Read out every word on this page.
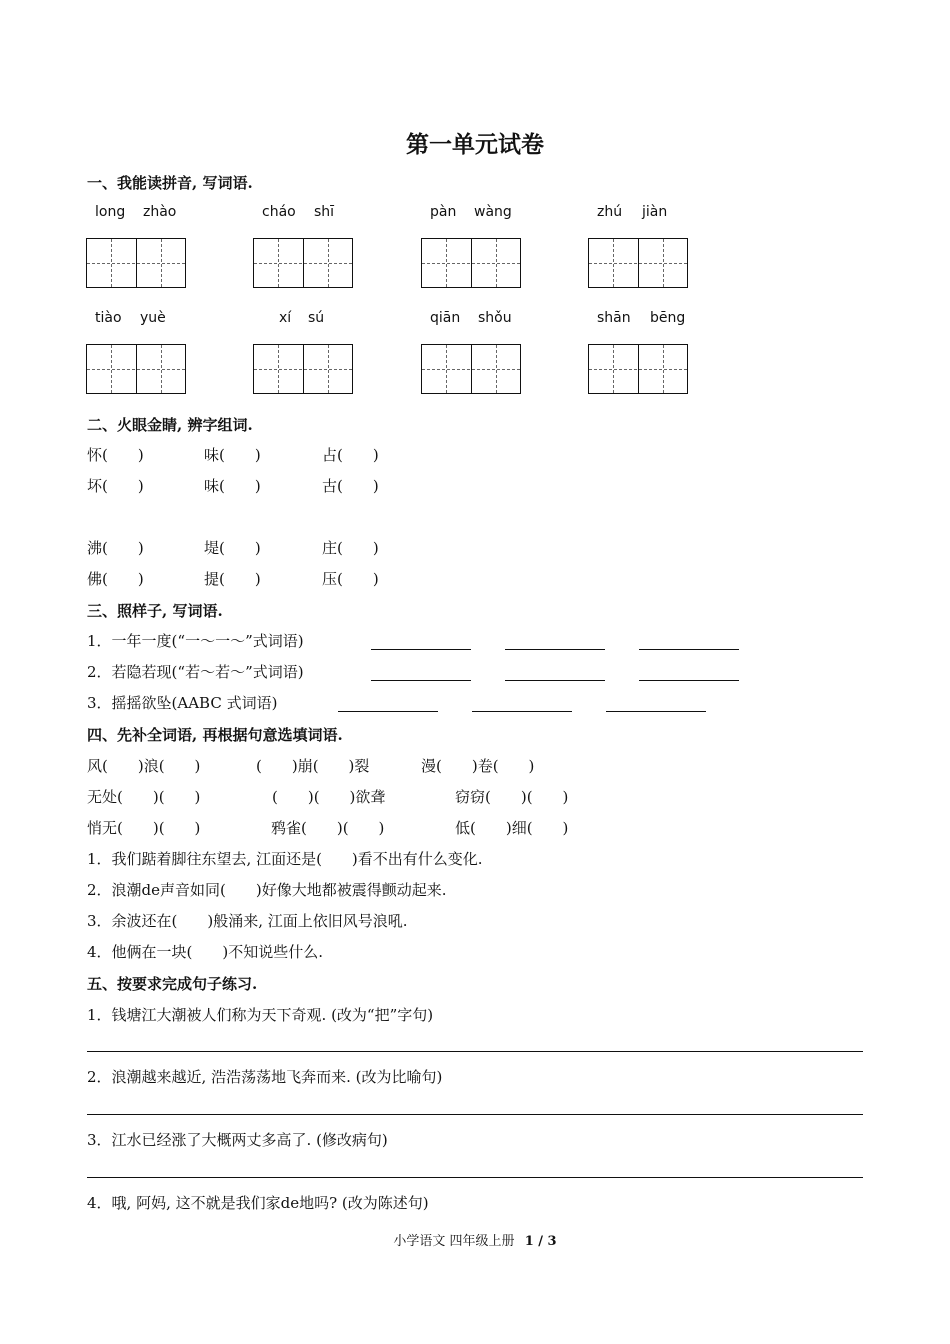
第一单元试卷
一、我能读拼音, 写词语.
long zhào	cháo shī	pàn wàng	zhú jiàn
tiào yuè	xí sú	qiān shǒu	shān bēng
二、火眼金睛, 辨字组词.
怀(　　)	味(　　)	占(　　)
坏(　　)	味(　　)	古(　　)
沸(　　)	堤(　　)	庄(　　)
佛(　　)	提(　　)	压(　　)
三、照样子, 写词语.
1．一年一度(“一～一～”式词语)
2．若隐若现(“若～若～”式词语)
3．摇摇欲坠(AABC 式词语)
四、先补全词语, 再根据句意选填词语.
风(　　)浪(　　)	(　　)崩(　　)裂	漫(　　)卷(　　)
无处(　　)(　　)	(　　)(　　)欲聋	窃窃(　　)(　　)
悄无(　　)(　　)	鸦雀(　　)(　　)	低(　　)细(　　)
1．我们踮着脚往东望去, 江面还是(　　)看不出有什么变化.
2．浪潮de声音如同(　　)好像大地都被震得颤动起来.
3．余波还在(　　)般涌来, 江面上依旧风号浪吼.
4．他俩在一块(　　)不知说些什么.
五、按要求完成句子练习.
1．钱塘江大潮被人们称为天下奇观. (改为“把”字句)
2．浪潮越来越近, 浩浩荡荡地飞奔而来. (改为比喻句)
3．江水已经涨了大概两丈多高了. (修改病句)
4．哦, 阿妈, 这不就是我们家de地吗? (改为陈述句)
小学语文 四年级上册 1 / 3
